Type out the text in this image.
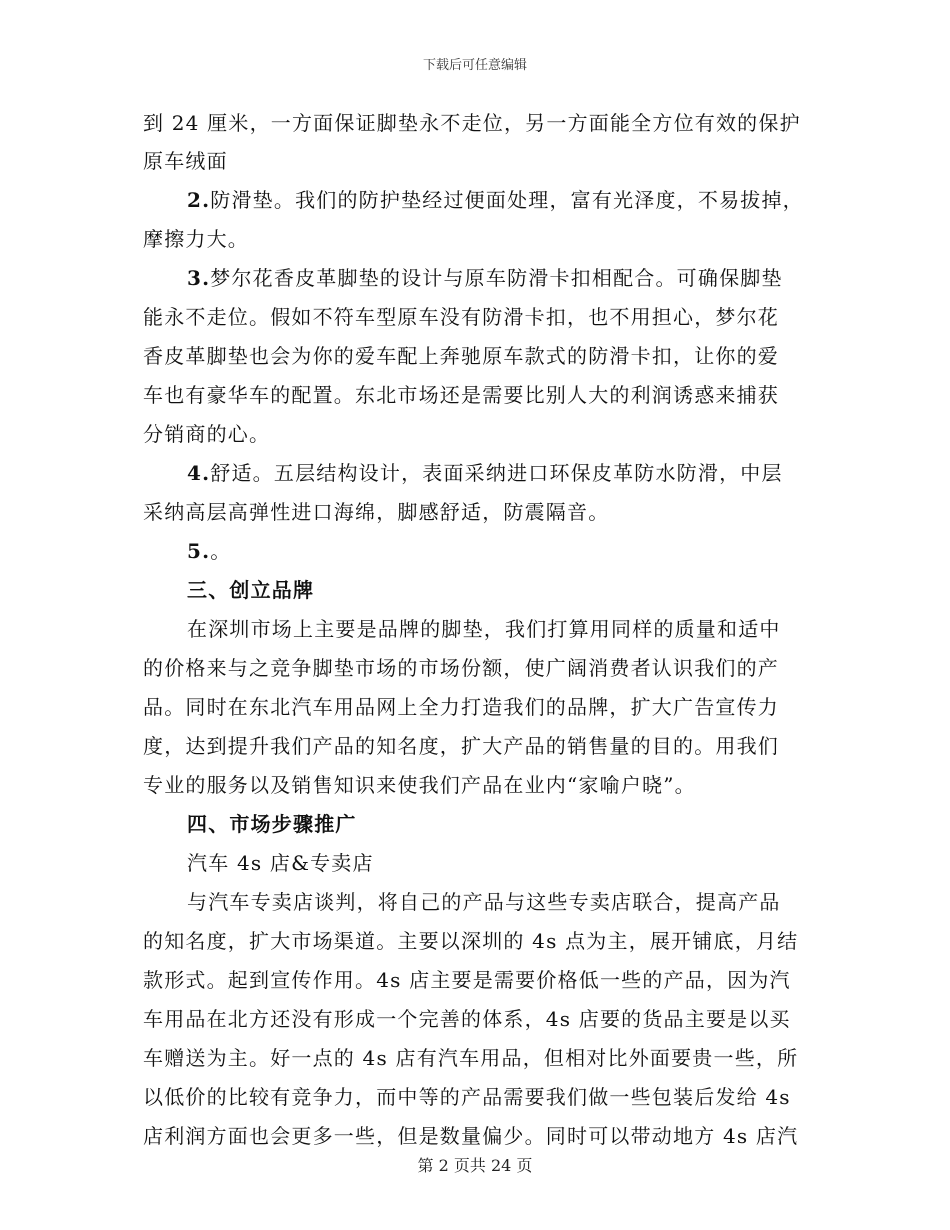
下载后可任意编辑
到 24 厘米，一方面保证脚垫永不走位，另一方面能全方位有效的保护
原车绒面
2.防滑垫。我们的防护垫经过便面处理，富有光泽度，不易拔掉，
摩擦力大。
3.梦尔花香皮革脚垫的设计与原车防滑卡扣相配合。可确保脚垫
能永不走位。假如不符车型原车没有防滑卡扣，也不用担心，梦尔花
香皮革脚垫也会为你的爱车配上奔驰原车款式的防滑卡扣，让你的爱
车也有豪华车的配置。东北市场还是需要比别人大的利润诱惑来捕获
分销商的心。
4.舒适。五层结构设计，表面采纳进口环保皮革防水防滑，中层
采纳高层高弹性进口海绵，脚感舒适，防震隔音。
5.。
三、创立品牌
在深圳市场上主要是品牌的脚垫，我们打算用同样的质量和适中
的价格来与之竞争脚垫市场的市场份额，使广阔消费者认识我们的产
品。同时在东北汽车用品网上全力打造我们的品牌，扩大广告宣传力
度，达到提升我们产品的知名度，扩大产品的销售量的目的。用我们
专业的服务以及销售知识来使我们产品在业内“家喻户晓”。
四、市场步骤推广
汽车 4s 店&专卖店
与汽车专卖店谈判，将自己的产品与这些专卖店联合，提高产品
的知名度，扩大市场渠道。主要以深圳的 4s 点为主，展开铺底，月结
款形式。起到宣传作用。4s 店主要是需要价格低一些的产品，因为汽
车用品在北方还没有形成一个完善的体系，4s 店要的货品主要是以买
车赠送为主。好一点的 4s 店有汽车用品，但相对比外面要贵一些，所
以低价的比较有竞争力，而中等的产品需要我们做一些包装后发给 4s
店利润方面也会更多一些，但是数量偏少。同时可以带动地方 4s 店汽
第 2 页共 24 页
